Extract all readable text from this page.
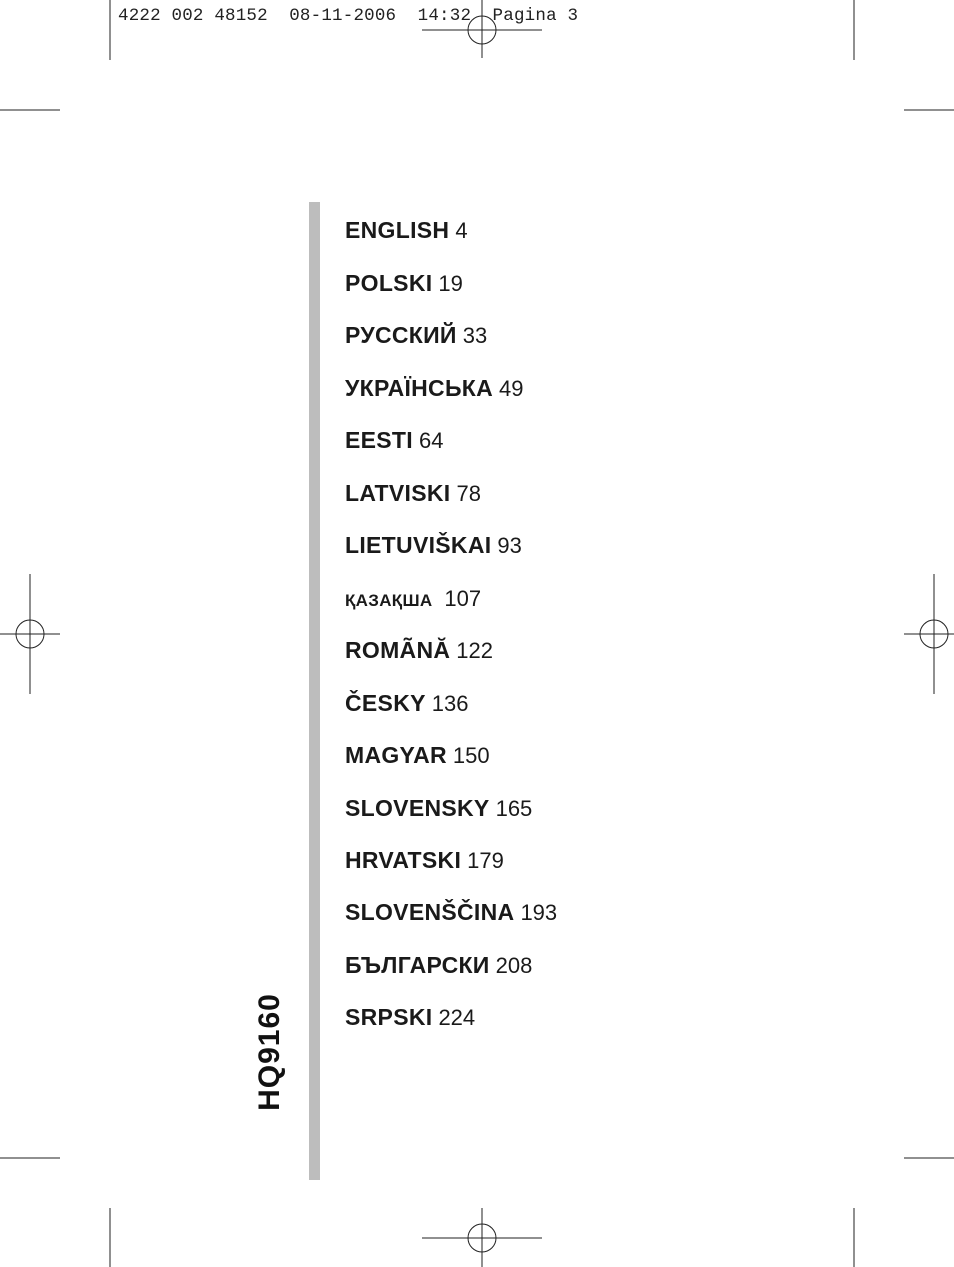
4222 002 48152  08-11-2006  14:32  Pagina 3
HQ9160
ENGLISH 4
POLSKI 19
РУССКИЙ 33
УКРАЇНСЬКА 49
EESTI 64
LATVISKI 78
LIETUVIŠKAI 93
ҚАЗАҚША 107
ROMÃNĂ 122
ČESKY 136
MAGYAR 150
SLOVENSKY 165
HRVATSKI 179
SLOVENŠČINA 193
БЪЛГАРСКИ 208
SRPSKI 224
